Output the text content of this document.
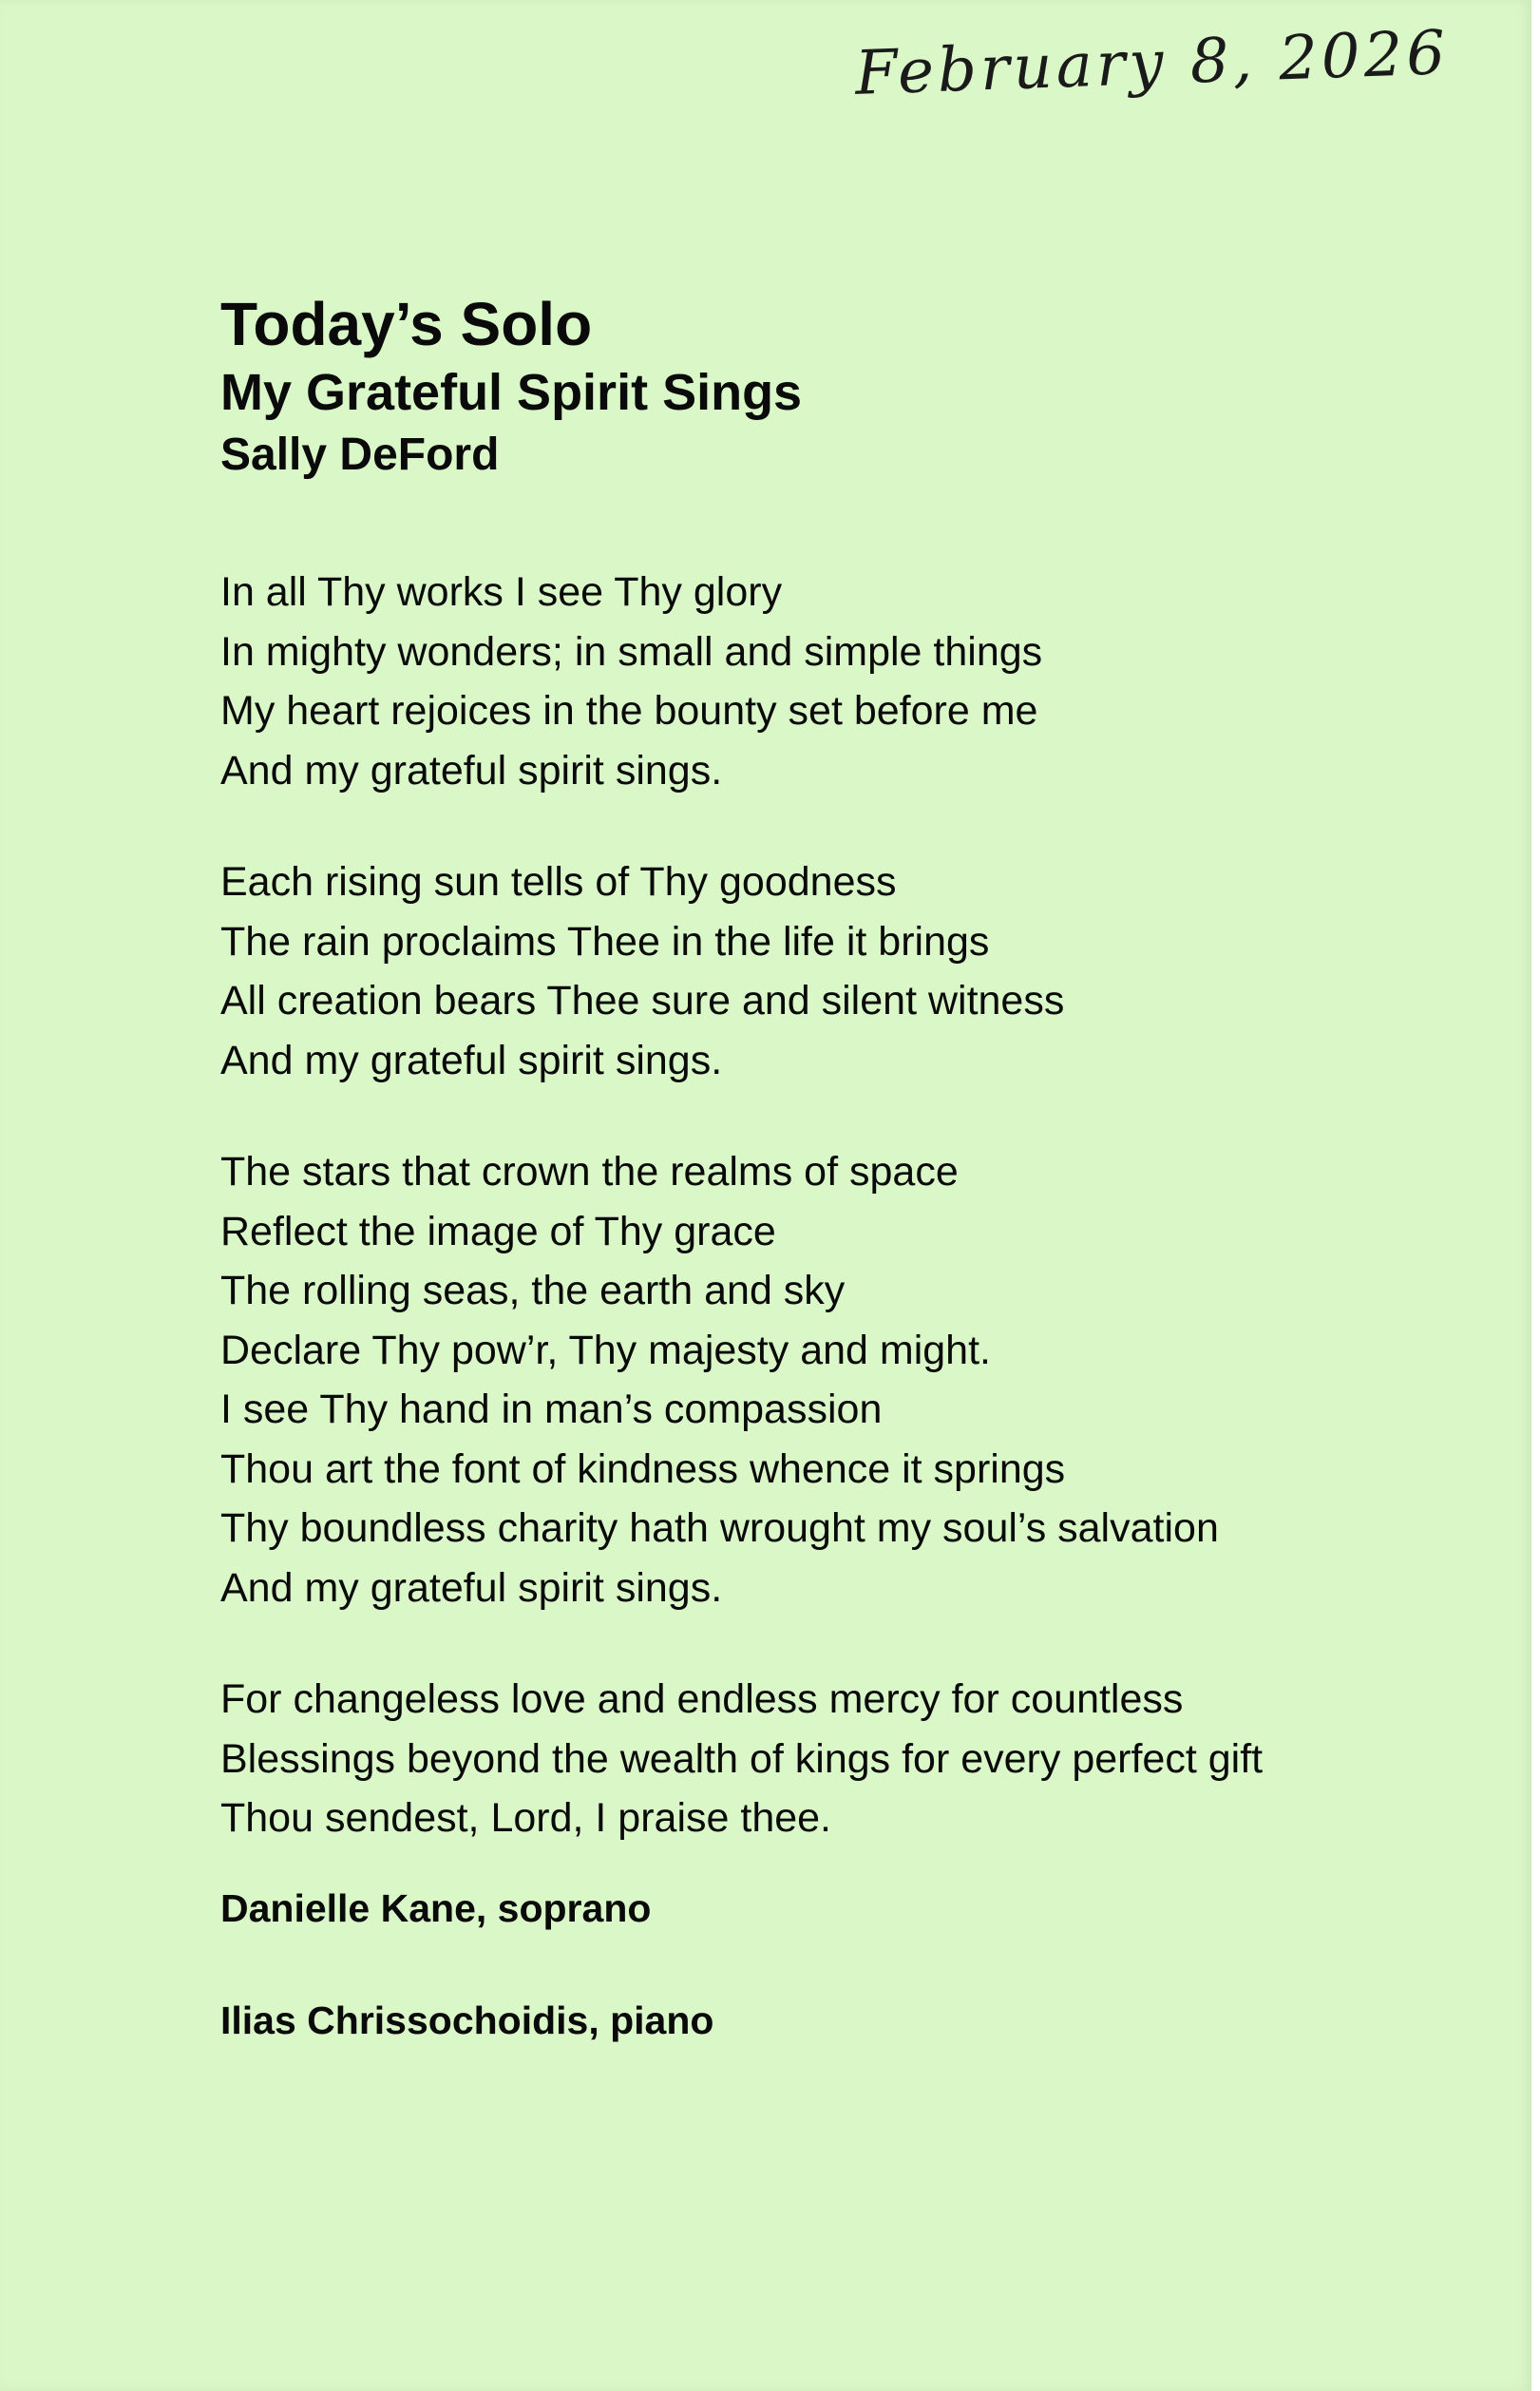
February 8, 2026

Today’s Solo

My Grateful Spirit Sings

Sally DeFord

In all Thy works I see Thy glory
In mighty wonders; in small and simple things
My heart rejoices in the bounty set before me
And my grateful spirit sings.
Each rising sun tells of Thy goodness
The rain proclaims Thee in the life it brings
All creation bears Thee sure and silent witness
And my grateful spirit sings.
The stars that crown the realms of space
Reflect the image of Thy grace
The rolling seas, the earth and sky
Declare Thy pow’r, Thy majesty and might.
I see Thy hand in man’s compassion
Thou art the font of kindness whence it springs
Thy boundless charity hath wrought my soul’s salvation
And my grateful spirit sings.
For changeless love and endless mercy for countless
Blessings beyond the wealth of kings for every perfect gift
Thou sendest, Lord, I praise thee.
Danielle Kane, soprano
Ilias Chrissochoidis, piano
